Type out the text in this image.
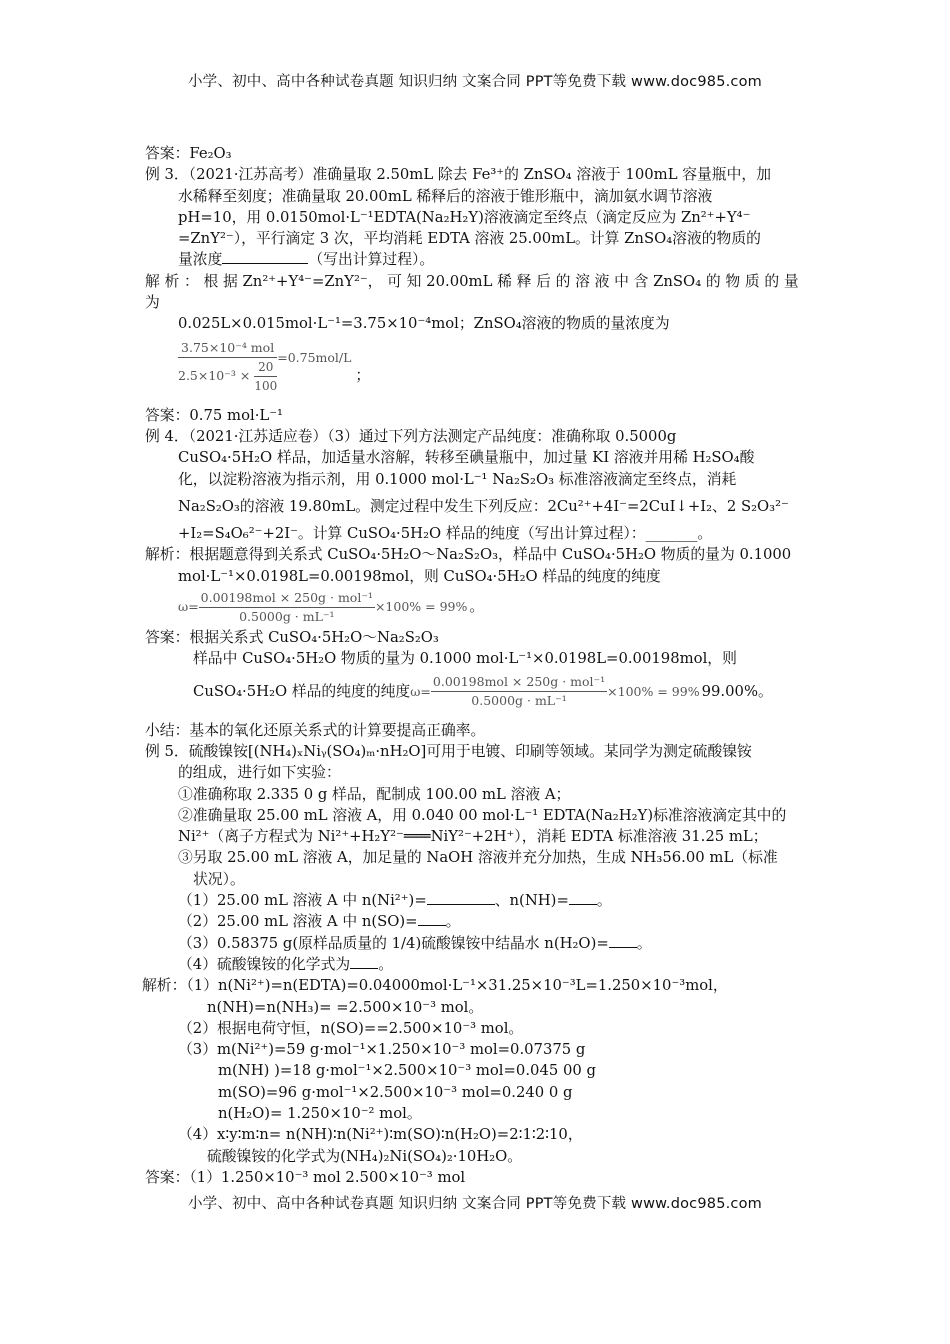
小学、初中、高中各种试卷真题 知识归纳 文案合同 PPT等免费下载 www.doc985.com

答案：Fe₂O₃

例 3．（2021·江苏高考）准确量取 2.50mL 除去 Fe³⁺的 ZnSO₄ 溶液于 100mL 容量瓶中，加

水稀释至刻度；准确量取 20.00mL 稀释后的溶液于锥形瓶中，滴加氨水调节溶液

pH=10，用 0.0150mol·L⁻¹EDTA(Na₂H₂Y)溶液滴定至终点（滴定反应为 Zn²⁺+Y⁴⁻

=ZnY²⁻），平行滴定 3 次，平均消耗 EDTA 溶液 25.00mL。计算 ZnSO₄溶液的物质的

量浓度	（写出计算过程）。

解 析 ： 根 据 Zn²⁺+Y⁴⁻=ZnY²⁻， 可 知 20.00mL 稀 释 后 的 溶 液 中 含 ZnSO₄ 的 物 质 的 量 为

0.025L×0.015mol·L⁻¹=3.75×10⁻⁴mol；ZnSO₄溶液的物质的量浓度为

$\frac{\text{3.75×10⁻⁴ mol}}{2.5\times 10^{-3} \times \frac{20}{100}} =0.75mol/L$
；

答案：0.75 mol·L⁻¹

例 4．（2021·江苏适应卷）（3）通过下列方法测定产品纯度：准确称取 0.5000g

CuSO₄·5H₂O 样品，加适量水溶解，转移至碘量瓶中，加过量 KI 溶液并用稀 H₂SO₄酸

化，以淀粉溶液为指示剂，用 0.1000 mol·L⁻¹ Na₂S₂O₃ 标准溶液滴定至终点，消耗

Na₂S₂O₃的溶液 19.80mL。测定过程中发生下列反应：2Cu²⁺+4I⁻=2CuI↓+I₂、2 S₂O₃²⁻

+I₂=S₄O₆²⁻+2I⁻。计算 CuSO₄·5H₂O 样品的纯度（写出计算过程）：_______。

解析：根据题意得到关系式 CuSO₄·5H₂O～Na₂S₂O₃，样品中 CuSO₄·5H₂O 物质的量为 0.1000

mol·L⁻¹×0.0198L=0.00198mol，则 CuSO₄·5H₂O 样品的纯度的纯度

$\omega= \frac{\text{0.00198mol × 250g · mol⁻¹}}{\text{0.5000g · mL⁻¹}} \times 100\% = 99\%$ 。

答案：根据关系式 CuSO₄·5H₂O～Na₂S₂O₃

样品中 CuSO₄·5H₂O 物质的量为 0.1000 mol·L⁻¹×0.0198L=0.00198mol，则

CuSO₄·5H₂O 样品的纯度的纯度 $\omega= \frac{\text{0.00198mol × 250g · mol⁻¹}}{\text{0.5000g · mL⁻¹}} \times 100\% = 99\%$ 99.00%。

小结：基本的氧化还原关系式的计算要提高正确率。

例 5．硫酸镍铵[(NH₄)ₓNiᵧ(SO₄)ₘ·nH₂O]可用于电镀、印刷等领域。某同学为测定硫酸镍铵

的组成，进行如下实验：

①准确称取 2.335 0 g 样品，配制成 100.00 mL 溶液 A；

②准确量取 25.00 mL 溶液 A，用 0.040 00 mol·L⁻¹ EDTA(Na₂H₂Y)标准溶液滴定其中的

Ni²⁺（离子方程式为 Ni²⁺+H₂Y²⁻═══NiY²⁻+2H⁺），消耗 EDTA 标准溶液 31.25 mL；

③另取 25.00 mL 溶液 A，加足量的 NaOH 溶液并充分加热，生成 NH₃56.00 mL（标准

状况）。

（1）25.00 mL 溶液 A 中 n(Ni²⁺)=	、n(NH)= 。

（2）25.00 mL 溶液 A 中 n(SO)= 。

（3）0.58375 g(原样品质量的 1/4)硫酸镍铵中结晶水 n(H₂O)= 。

（4）硫酸镍铵的化学式为 。

解析：（1）n(Ni²⁺)=n(EDTA)=0.04000mol·L⁻¹×31.25×10⁻³L=1.250×10⁻³mol，

n(NH)=n(NH₃)= =2.500×10⁻³ mol。

（2）根据电荷守恒，n(SO)==2.500×10⁻³ mol。

（3）m(Ni²⁺)=59 g·mol⁻¹×1.250×10⁻³ mol=0.07375 g

m(NH) )=18 g·mol⁻¹×2.500×10⁻³ mol=0.045 00 g

m(SO)=96 g·mol⁻¹×2.500×10⁻³ mol=0.240 0 g

n(H₂O)= 1.250×10⁻² mol。

（4）x∶y∶m∶n= n(NH)∶n(Ni²⁺)∶m(SO)∶n(H₂O)=2∶1∶2∶10，

硫酸镍铵的化学式为(NH₄)₂Ni(SO₄)₂·10H₂O。

答案：（1）1.250×10⁻³ mol 2.500×10⁻³ mol

小学、初中、高中各种试卷真题 知识归纳 文案合同 PPT等免费下载 www.doc985.com
